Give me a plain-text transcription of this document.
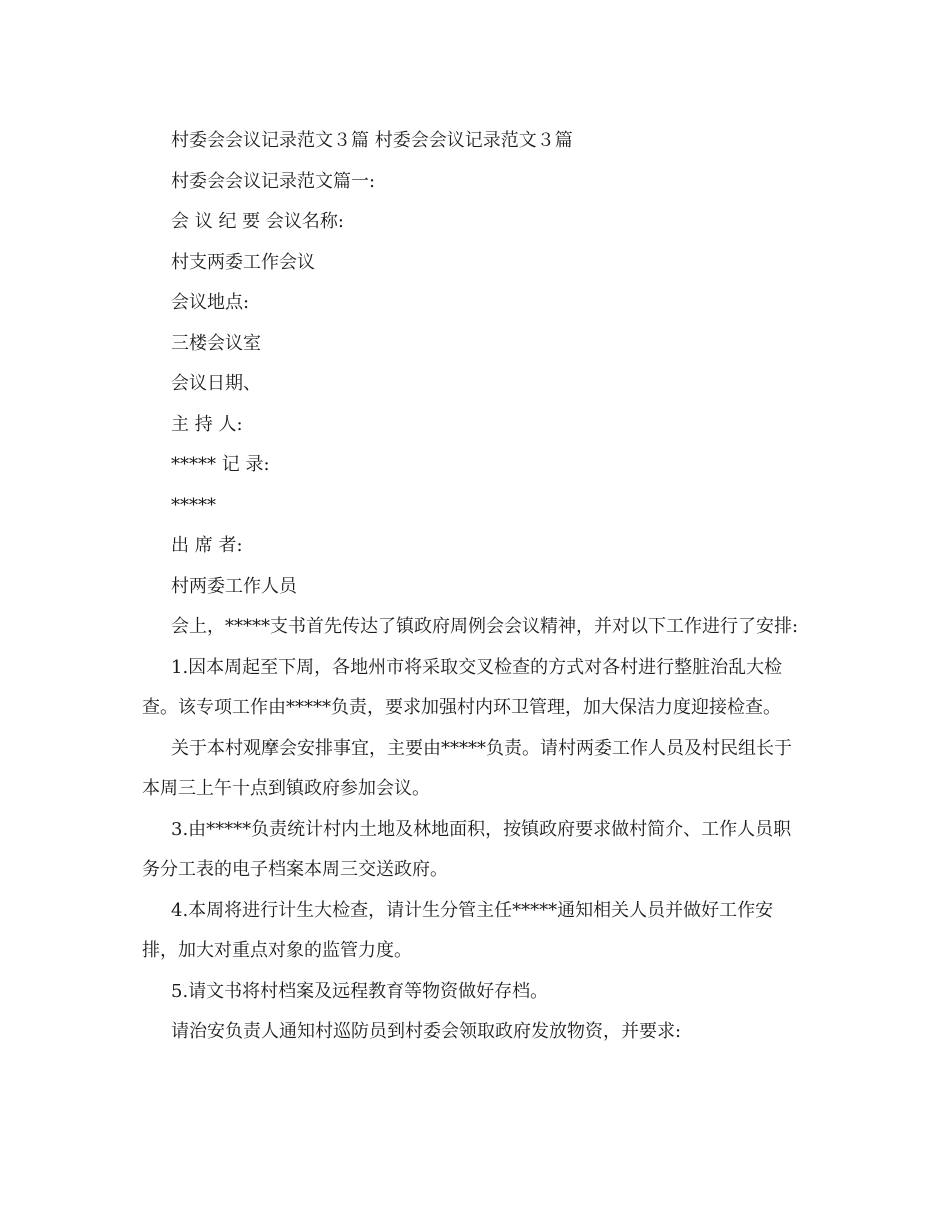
村委会会议记录范文３篇 村委会会议记录范文３篇

村委会会议记录范文篇一:

会 议 纪 要 会议名称:

村支两委工作会议

会议地点:

三楼会议室

会议日期、

主 持 人:

***** 记 录:

*****

出 席 者:

村两委工作人员

会上，*****支书首先传达了镇政府周例会会议精神，并对以下工作进行了安排:

1.因本周起至下周，各地州市将采取交叉检查的方式对各村进行整脏治乱大检查。该专项工作由*****负责，要求加强村内环卫管理，加大保洁力度迎接检查。

关于本村观摩会安排事宜，主要由*****负责。请村两委工作人员及村民组长于本周三上午十点到镇政府参加会议。

3.由*****负责统计村内土地及林地面积，按镇政府要求做村简介、工作人员职务分工表的电子档案本周三交送政府。

4.本周将进行计生大检查，请计生分管主任*****通知相关人员并做好工作安排，加大对重点对象的监管力度。

5.请文书将村档案及远程教育等物资做好存档。

请治安负责人通知村巡防员到村委会领取政府发放物资，并要求:
